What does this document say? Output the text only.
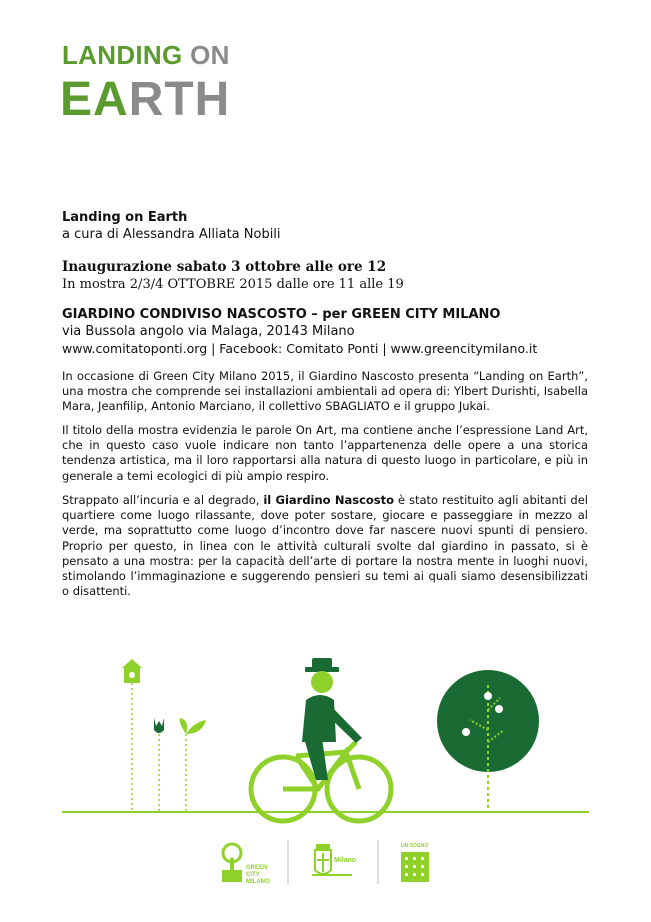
LANDING ON
EARTH
Landing on Earth
a cura di Alessandra Alliata Nobili
Inaugurazione sabato 3 ottobre alle ore 12
In mostra 2/3/4 OTTOBRE 2015 dalle ore 11 alle 19
GIARDINO CONDIVISO NASCOSTO – per GREEN CITY MILANO
via Bussola angolo via Malaga, 20143 Milano
www.comitatoponti.org | Facebook: Comitato Ponti | www.greencitymilano.it
In occasione di Green City Milano 2015, il Giardino Nascosto presenta “Landing on Earth”, una mostra che comprende sei installazioni ambientali ad opera di: Ylbert Durishti, Isabella Mara, Jeanfilip, Antonio Marciano, il collettivo SBAGLIATO e il gruppo Jukai.
Il titolo della mostra evidenzia le parole On Art, ma contiene anche l’espressione Land Art, che in questo caso vuole indicare non tanto l’appartenenza delle opere a una storica tendenza artistica, ma il loro rapportarsi alla natura di questo luogo in particolare, e più in generale a temi ecologici di più ampio respiro.
Strappato all’incuria e al degrado, il Giardino Nascosto è stato restituito agli abitanti del quartiere come luogo rilassante, dove poter sostare, giocare e passeggiare in mezzo al verde, ma soprattutto come luogo d’incontro dove far nascere nuovi spunti di pensiero. Proprio per questo, in linea con le attività culturali svolte dal giardino in passato, si è pensato a una mostra: per la capacità dell’arte di portare la nostra mente in luoghi nuovi, stimolando l’immaginazione e suggerendo pensieri su temi ai quali siamo desensibilizzati o disattenti.
GREEN
CITY
MILANO
Milano
UN SOGNO
